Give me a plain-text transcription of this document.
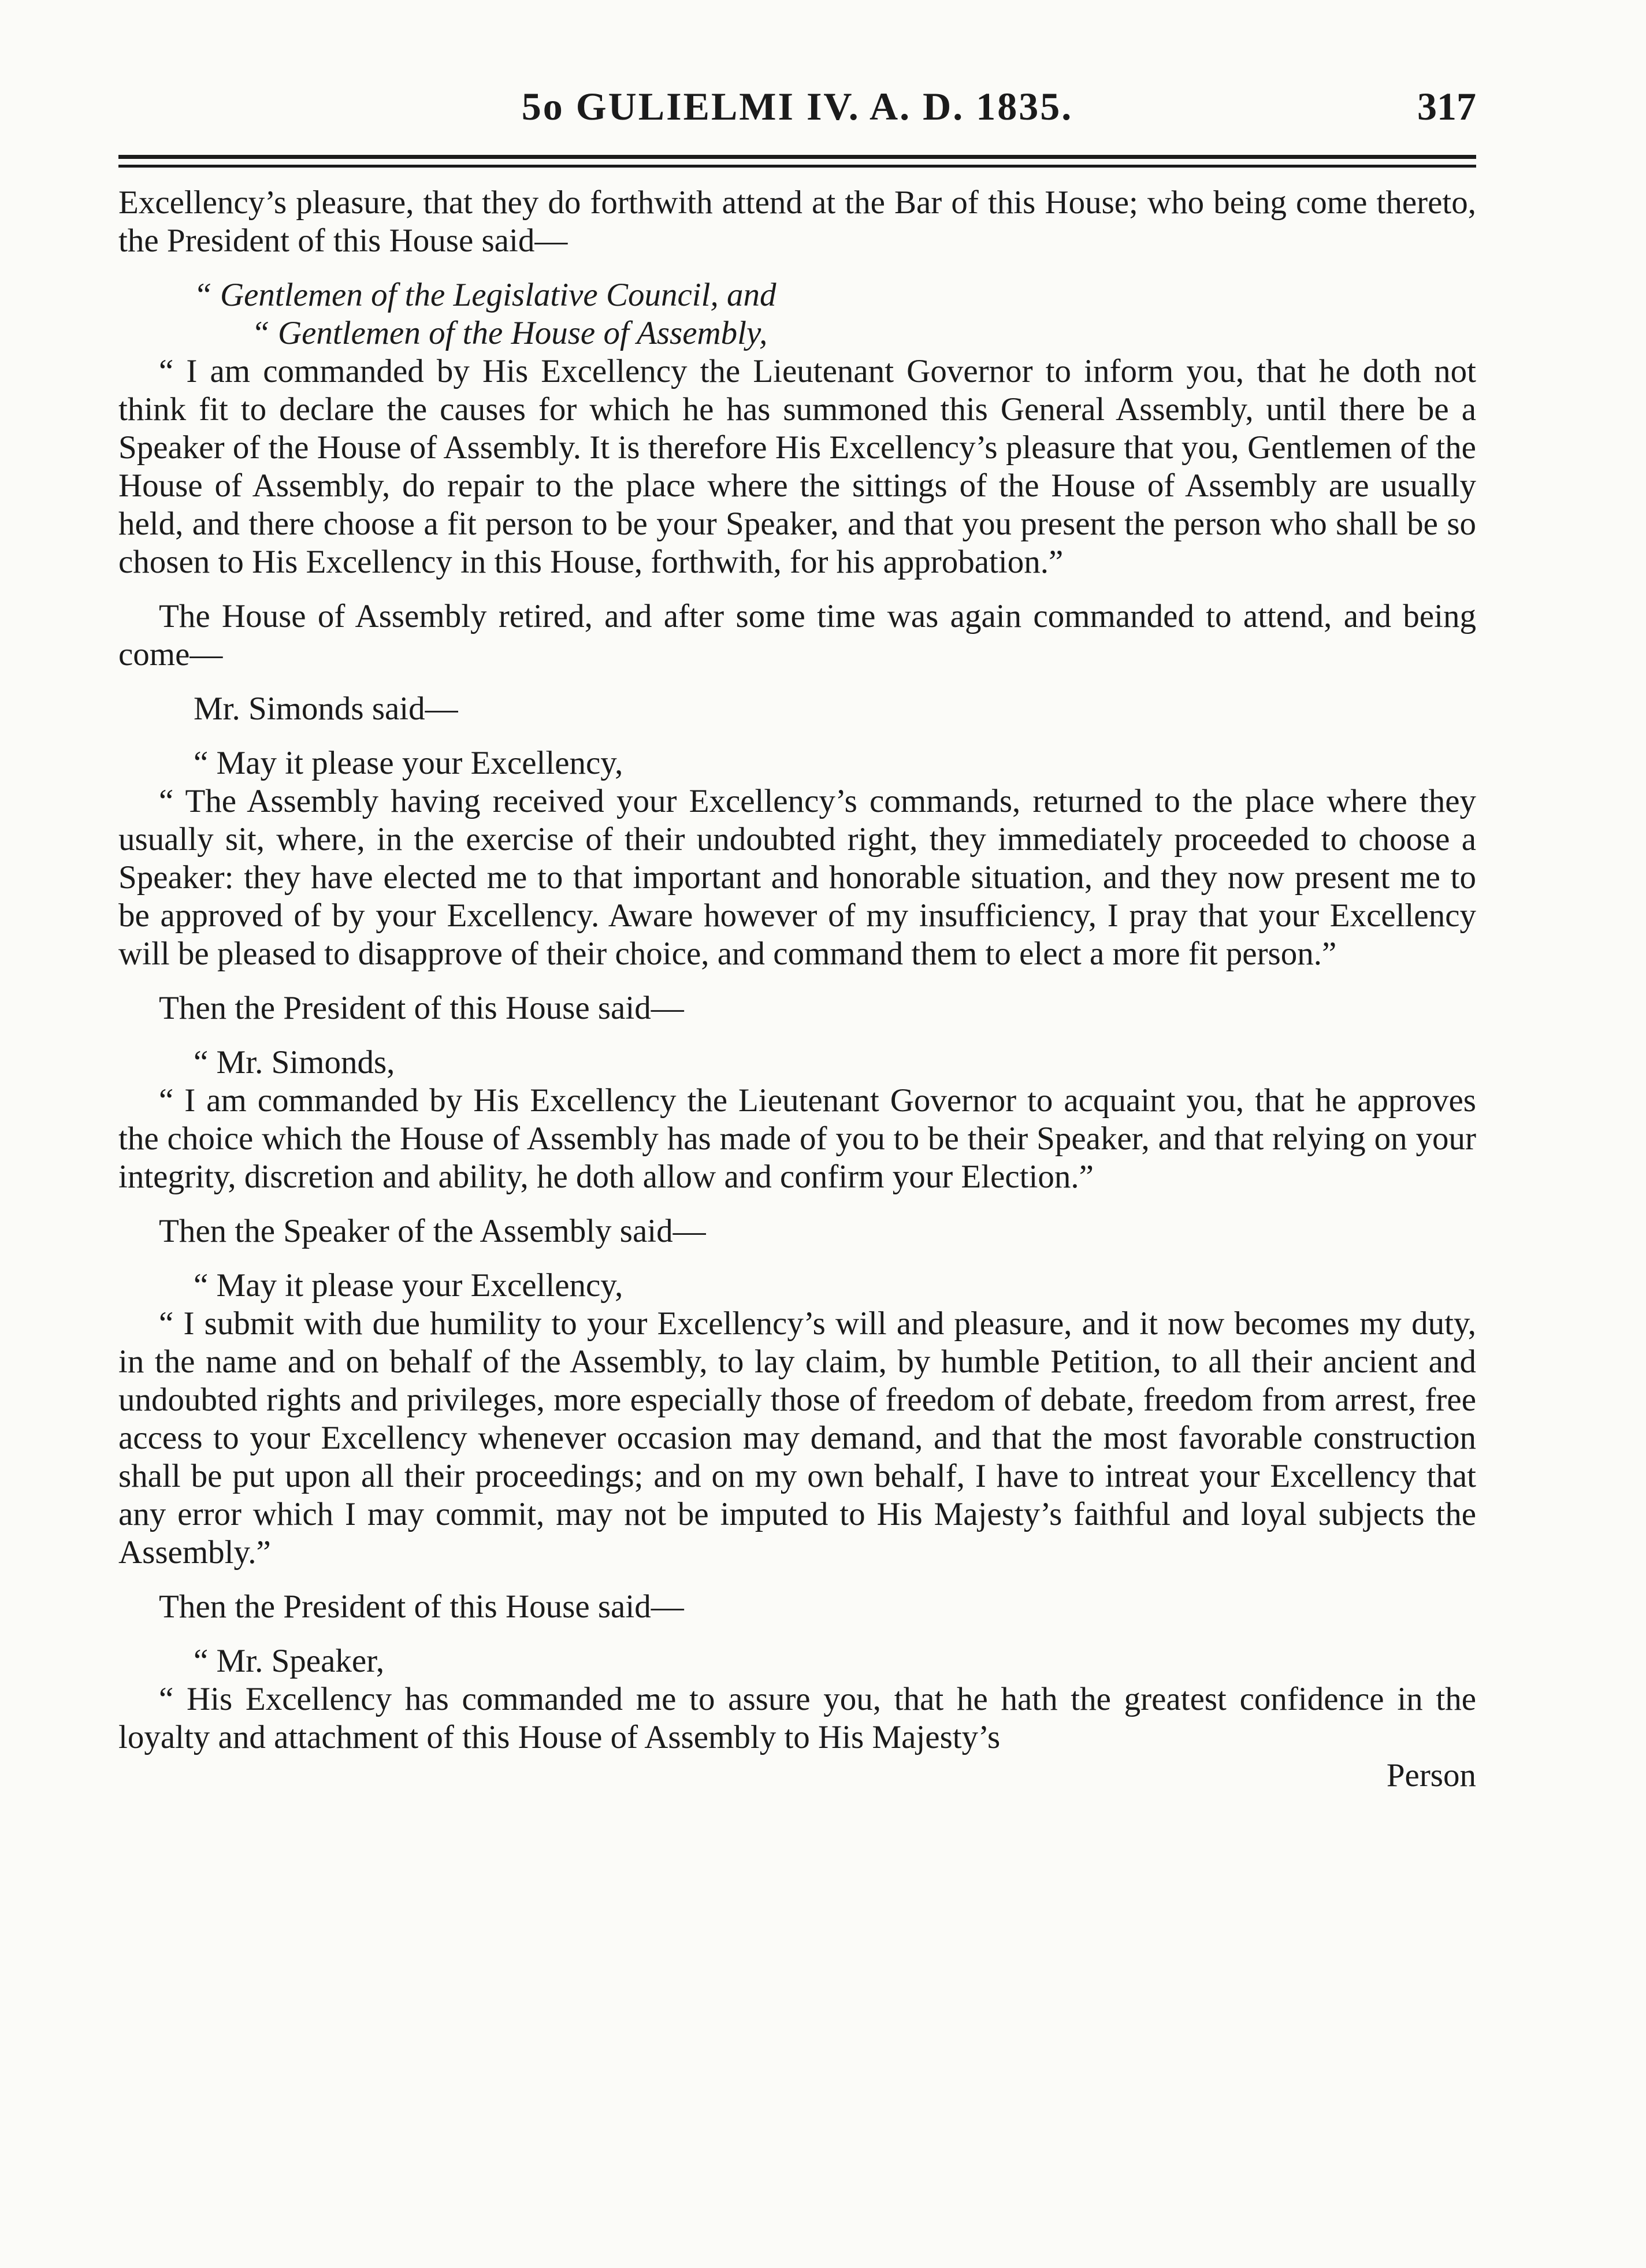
5o GULIELMI IV. A. D. 1835.	317

Excellency’s pleasure, that they do forthwith attend at the Bar of this House; who being come thereto, the President of this House said—

“ Gentlemen of the Legislative Council, and

“ Gentlemen of the House of Assembly,

“ I am commanded by His Excellency the Lieutenant Governor to inform you, that he doth not think fit to declare the causes for which he has summoned this General Assembly, until there be a Speaker of the House of Assembly. It is therefore His Excellency’s pleasure that you, Gentlemen of the House of Assembly, do repair to the place where the sittings of the House of Assembly are usually held, and there choose a fit person to be your Speaker, and that you present the person who shall be so chosen to His Excellency in this House, forthwith, for his approbation.”

The House of Assembly retired, and after some time was again commanded to attend, and being come—

Mr. Simonds said—

“ May it please your Excellency,

“ The Assembly having received your Excellency’s commands, returned to the place where they usually sit, where, in the exercise of their undoubted right, they immediately proceeded to choose a Speaker: they have elected me to that important and honorable situation, and they now present me to be approved of by your Excellency. Aware however of my insufficiency, I pray that your Excellency will be pleased to disapprove of their choice, and command them to elect a more fit person.”

Then the President of this House said—

“ Mr. Simonds,

“ I am commanded by His Excellency the Lieutenant Governor to acquaint you, that he approves the choice which the House of Assembly has made of you to be their Speaker, and that relying on your integrity, discretion and ability, he doth allow and confirm your Election.”

Then the Speaker of the Assembly said—

“ May it please your Excellency,

“ I submit with due humility to your Excellency’s will and pleasure, and it now becomes my duty, in the name and on behalf of the Assembly, to lay claim, by humble Petition, to all their ancient and undoubted rights and privileges, more especially those of freedom of debate, freedom from arrest, free access to your Excellency whenever occasion may demand, and that the most favorable construction shall be put upon all their proceedings; and on my own behalf, I have to intreat your Excellency that any error which I may commit, may not be imputed to His Majesty’s faithful and loyal subjects the Assembly.”

Then the President of this House said—

“ Mr. Speaker,

“ His Excellency has commanded me to assure you, that he hath the greatest confidence in the loyalty and attachment of this House of Assembly to His Majesty’s

Person
